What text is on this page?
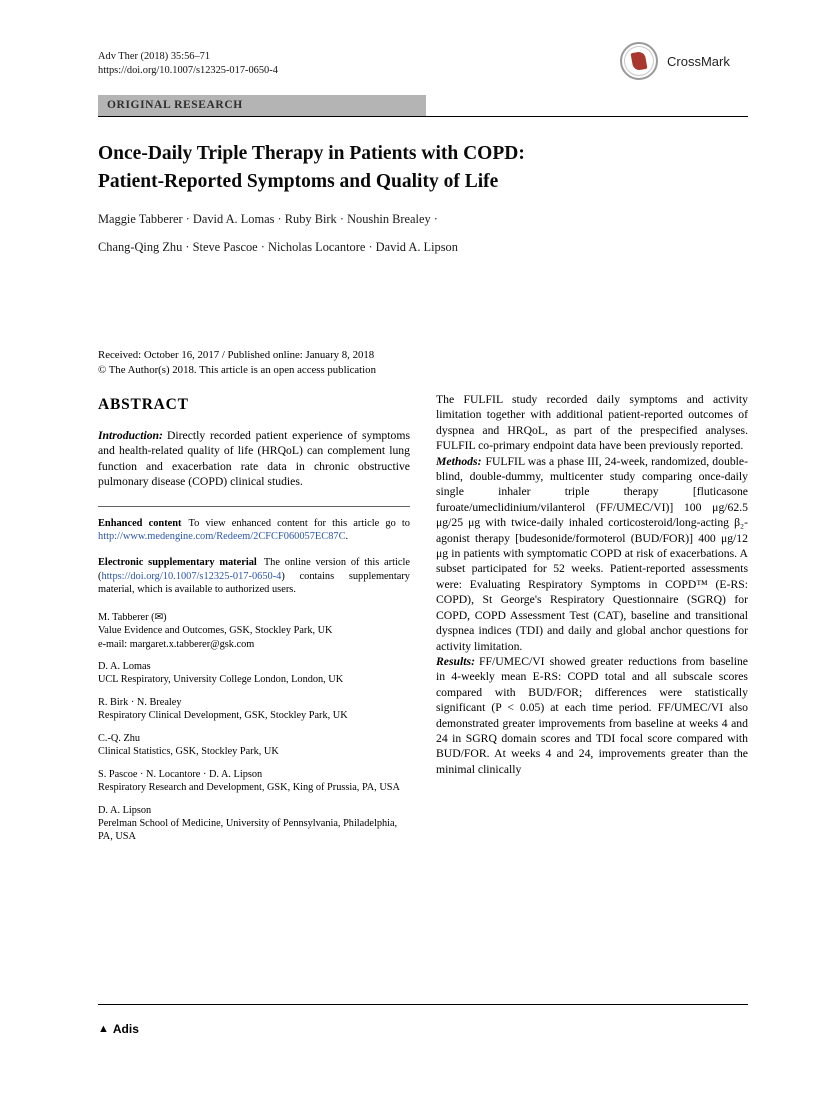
Adv Ther (2018) 35:56–71
https://doi.org/10.1007/s12325-017-0650-4
CrossMark
ORIGINAL RESEARCH
Once-Daily Triple Therapy in Patients with COPD:
Patient-Reported Symptoms and Quality of Life
Maggie Tabberer · David A. Lomas · Ruby Birk · Noushin Brealey ·
Chang-Qing Zhu · Steve Pascoe · Nicholas Locantore · David A. Lipson
Received: October 16, 2017 / Published online: January 8, 2018
© The Author(s) 2018. This article is an open access publication
ABSTRACT

Introduction: Directly recorded patient experience of symptoms and health-related quality of life (HRQoL) can complement lung function and exacerbation rate data in chronic obstructive pulmonary disease (COPD) clinical studies.

Enhanced content To view enhanced content for this article go to http://www.medengine.com/Redeem/2CFCF060057EC87C.

Electronic supplementary material The online version of this article (https://doi.org/10.1007/s12325-017-0650-4) contains supplementary material, which is available to authorized users.

M. Tabberer (✉)
Value Evidence and Outcomes, GSK, Stockley Park, UK
e-mail: margaret.x.tabberer@gsk.com
D. A. Lomas
UCL Respiratory, University College London, London, UK
R. Birk · N. Brealey
Respiratory Clinical Development, GSK, Stockley Park, UK
C.-Q. Zhu
Clinical Statistics, GSK, Stockley Park, UK
S. Pascoe · N. Locantore · D. A. Lipson
Respiratory Research and Development, GSK, King of Prussia, PA, USA
D. A. Lipson
Perelman School of Medicine, University of Pennsylvania, Philadelphia, PA, USA

The FULFIL study recorded daily symptoms and activity limitation together with additional patient-reported outcomes of dyspnea and HRQoL, as part of the prespecified analyses. FULFIL co-primary endpoint data have been previously reported.

Methods: FULFIL was a phase III, 24-week, randomized, double-blind, double-dummy, multicenter study comparing once-daily single inhaler triple therapy [fluticasone furoate/umeclidinium/vilanterol (FF/UMEC/VI)] 100 μg/62.5 μg/25 μg with twice-daily inhaled corticosteroid/long-acting β₂-agonist therapy [budesonide/formoterol (BUD/FOR)] 400 μg/12 μg in patients with symptomatic COPD at risk of exacerbations. A subset participated for 52 weeks. Patient-reported assessments were: Evaluating Respiratory Symptoms in COPD™ (E-RS: COPD), St George's Respiratory Questionnaire (SGRQ) for COPD, COPD Assessment Test (CAT), baseline and transitional dyspnea indices (TDI) and daily and global anchor questions for activity limitation.

Results: FF/UMEC/VI showed greater reductions from baseline in 4-weekly mean E-RS: COPD total and all subscale scores compared with BUD/FOR; differences were statistically significant (P < 0.05) at each time period. FF/UMEC/VI also demonstrated greater improvements from baseline at weeks 4 and 24 in SGRQ domain scores and TDI focal score compared with BUD/FOR. At weeks 4 and 24, improvements greater than the minimal clinically

▲ Adis
